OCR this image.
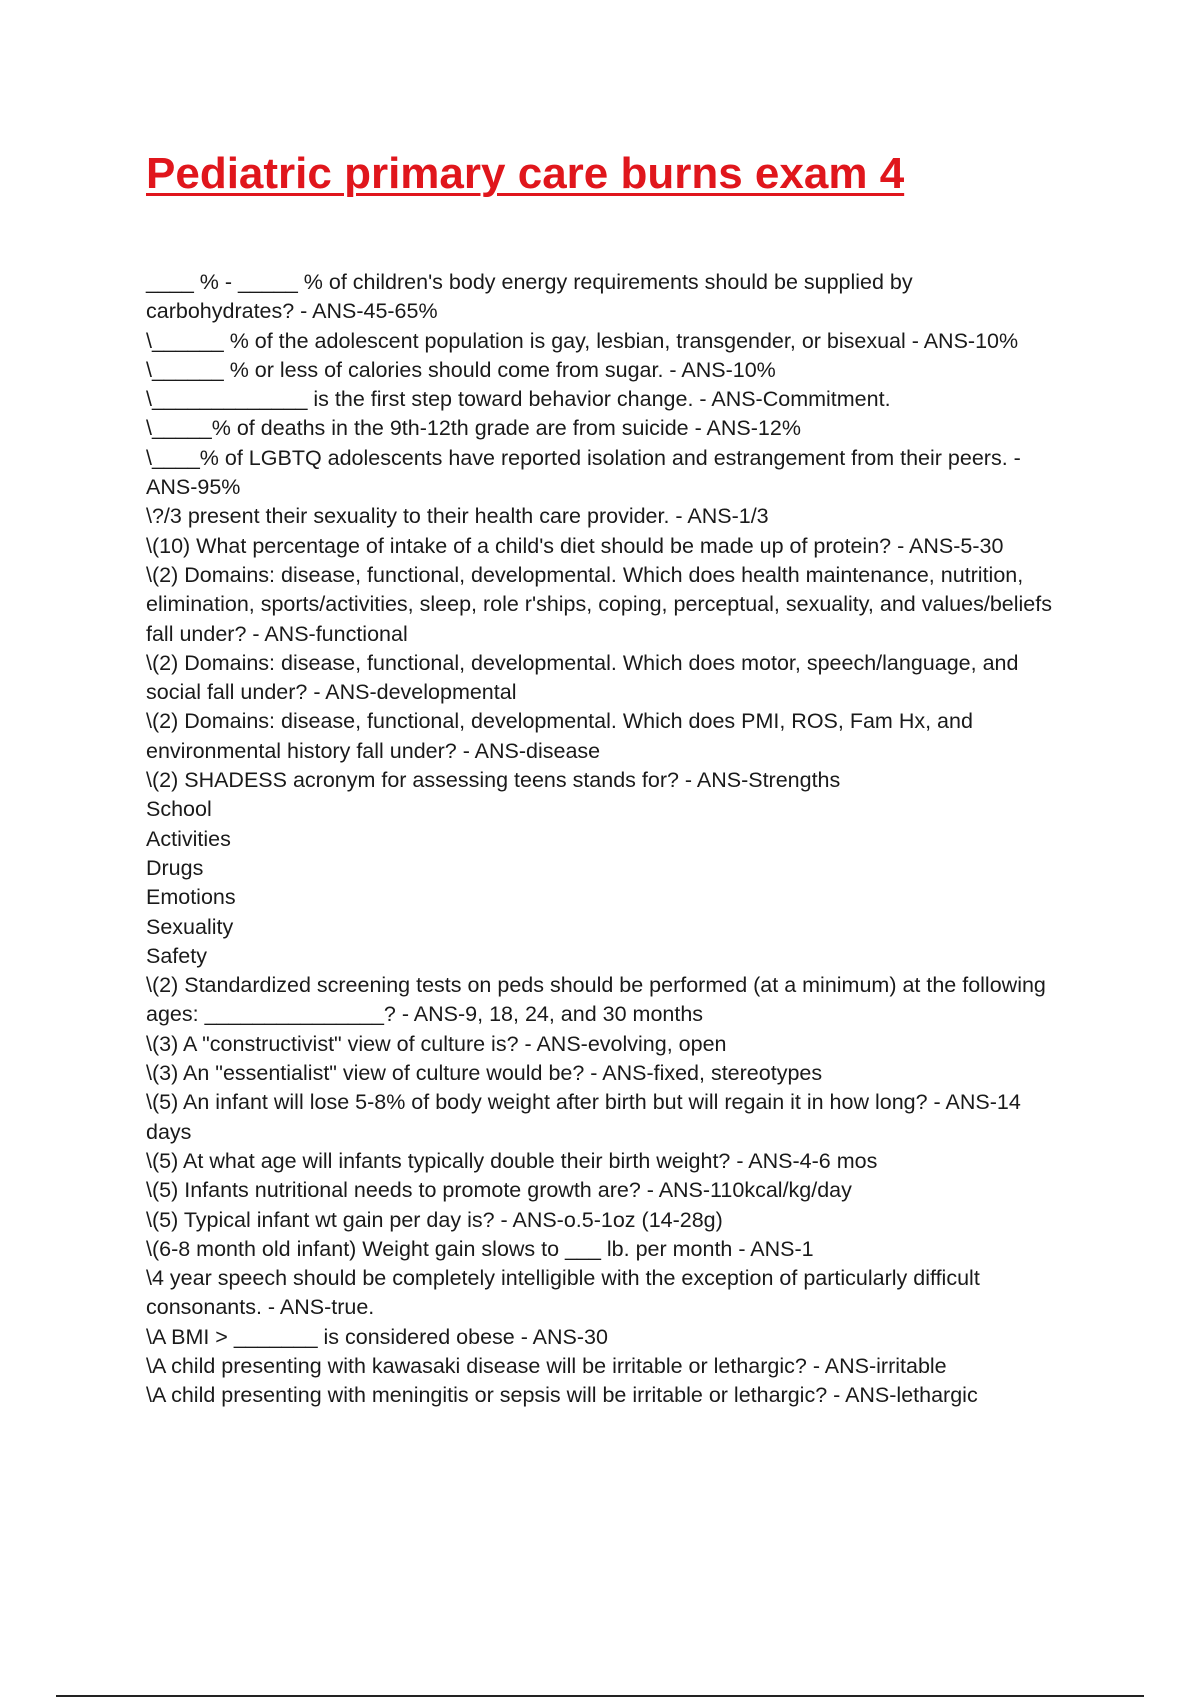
Pediatric primary care burns exam 4
____ % - _____ % of children's body energy requirements should be supplied by
carbohydrates? - ANS-45-65%
\______ % of the adolescent population is gay, lesbian, transgender, or bisexual - ANS-10%
\______ % or less of calories should come from sugar. - ANS-10%
\_____________ is the first step toward behavior change. - ANS-Commitment.
\_____% of deaths in the 9th-12th grade are from suicide - ANS-12%
\____% of LGBTQ adolescents have reported isolation and estrangement from their peers. -
ANS-95%
\?/3 present their sexuality to their health care provider. - ANS-1/3
\(10) What percentage of intake of a child's diet should be made up of protein? - ANS-5-30
\(2) Domains: disease, functional, developmental. Which does health maintenance, nutrition,
elimination, sports/activities, sleep, role r'ships, coping, perceptual, sexuality, and values/beliefs
fall under? - ANS-functional
\(2) Domains: disease, functional, developmental. Which does motor, speech/language, and
social fall under? - ANS-developmental
\(2) Domains: disease, functional, developmental. Which does PMI, ROS, Fam Hx, and
environmental history fall under? - ANS-disease
\(2) SHADESS acronym for assessing teens stands for? - ANS-Strengths
School
Activities
Drugs
Emotions
Sexuality
Safety
\(2) Standardized screening tests on peds should be performed (at a minimum) at the following
ages: _______________? - ANS-9, 18, 24, and 30 months
\(3) A "constructivist" view of culture is? - ANS-evolving, open
\(3) An "essentialist" view of culture would be? - ANS-fixed, stereotypes
\(5) An infant will lose 5-8% of body weight after birth but will regain it in how long? - ANS-14
days
\(5) At what age will infants typically double their birth weight? - ANS-4-6 mos
\(5) Infants nutritional needs to promote growth are? - ANS-110kcal/kg/day
\(5) Typical infant wt gain per day is? - ANS-o.5-1oz (14-28g)
\(6-8 month old infant) Weight gain slows to ___ lb. per month - ANS-1
\4 year speech should be completely intelligible with the exception of particularly difficult
consonants. - ANS-true.
\A BMI > _______ is considered obese - ANS-30
\A child presenting with kawasaki disease will be irritable or lethargic? - ANS-irritable
\A child presenting with meningitis or sepsis will be irritable or lethargic? - ANS-lethargic
